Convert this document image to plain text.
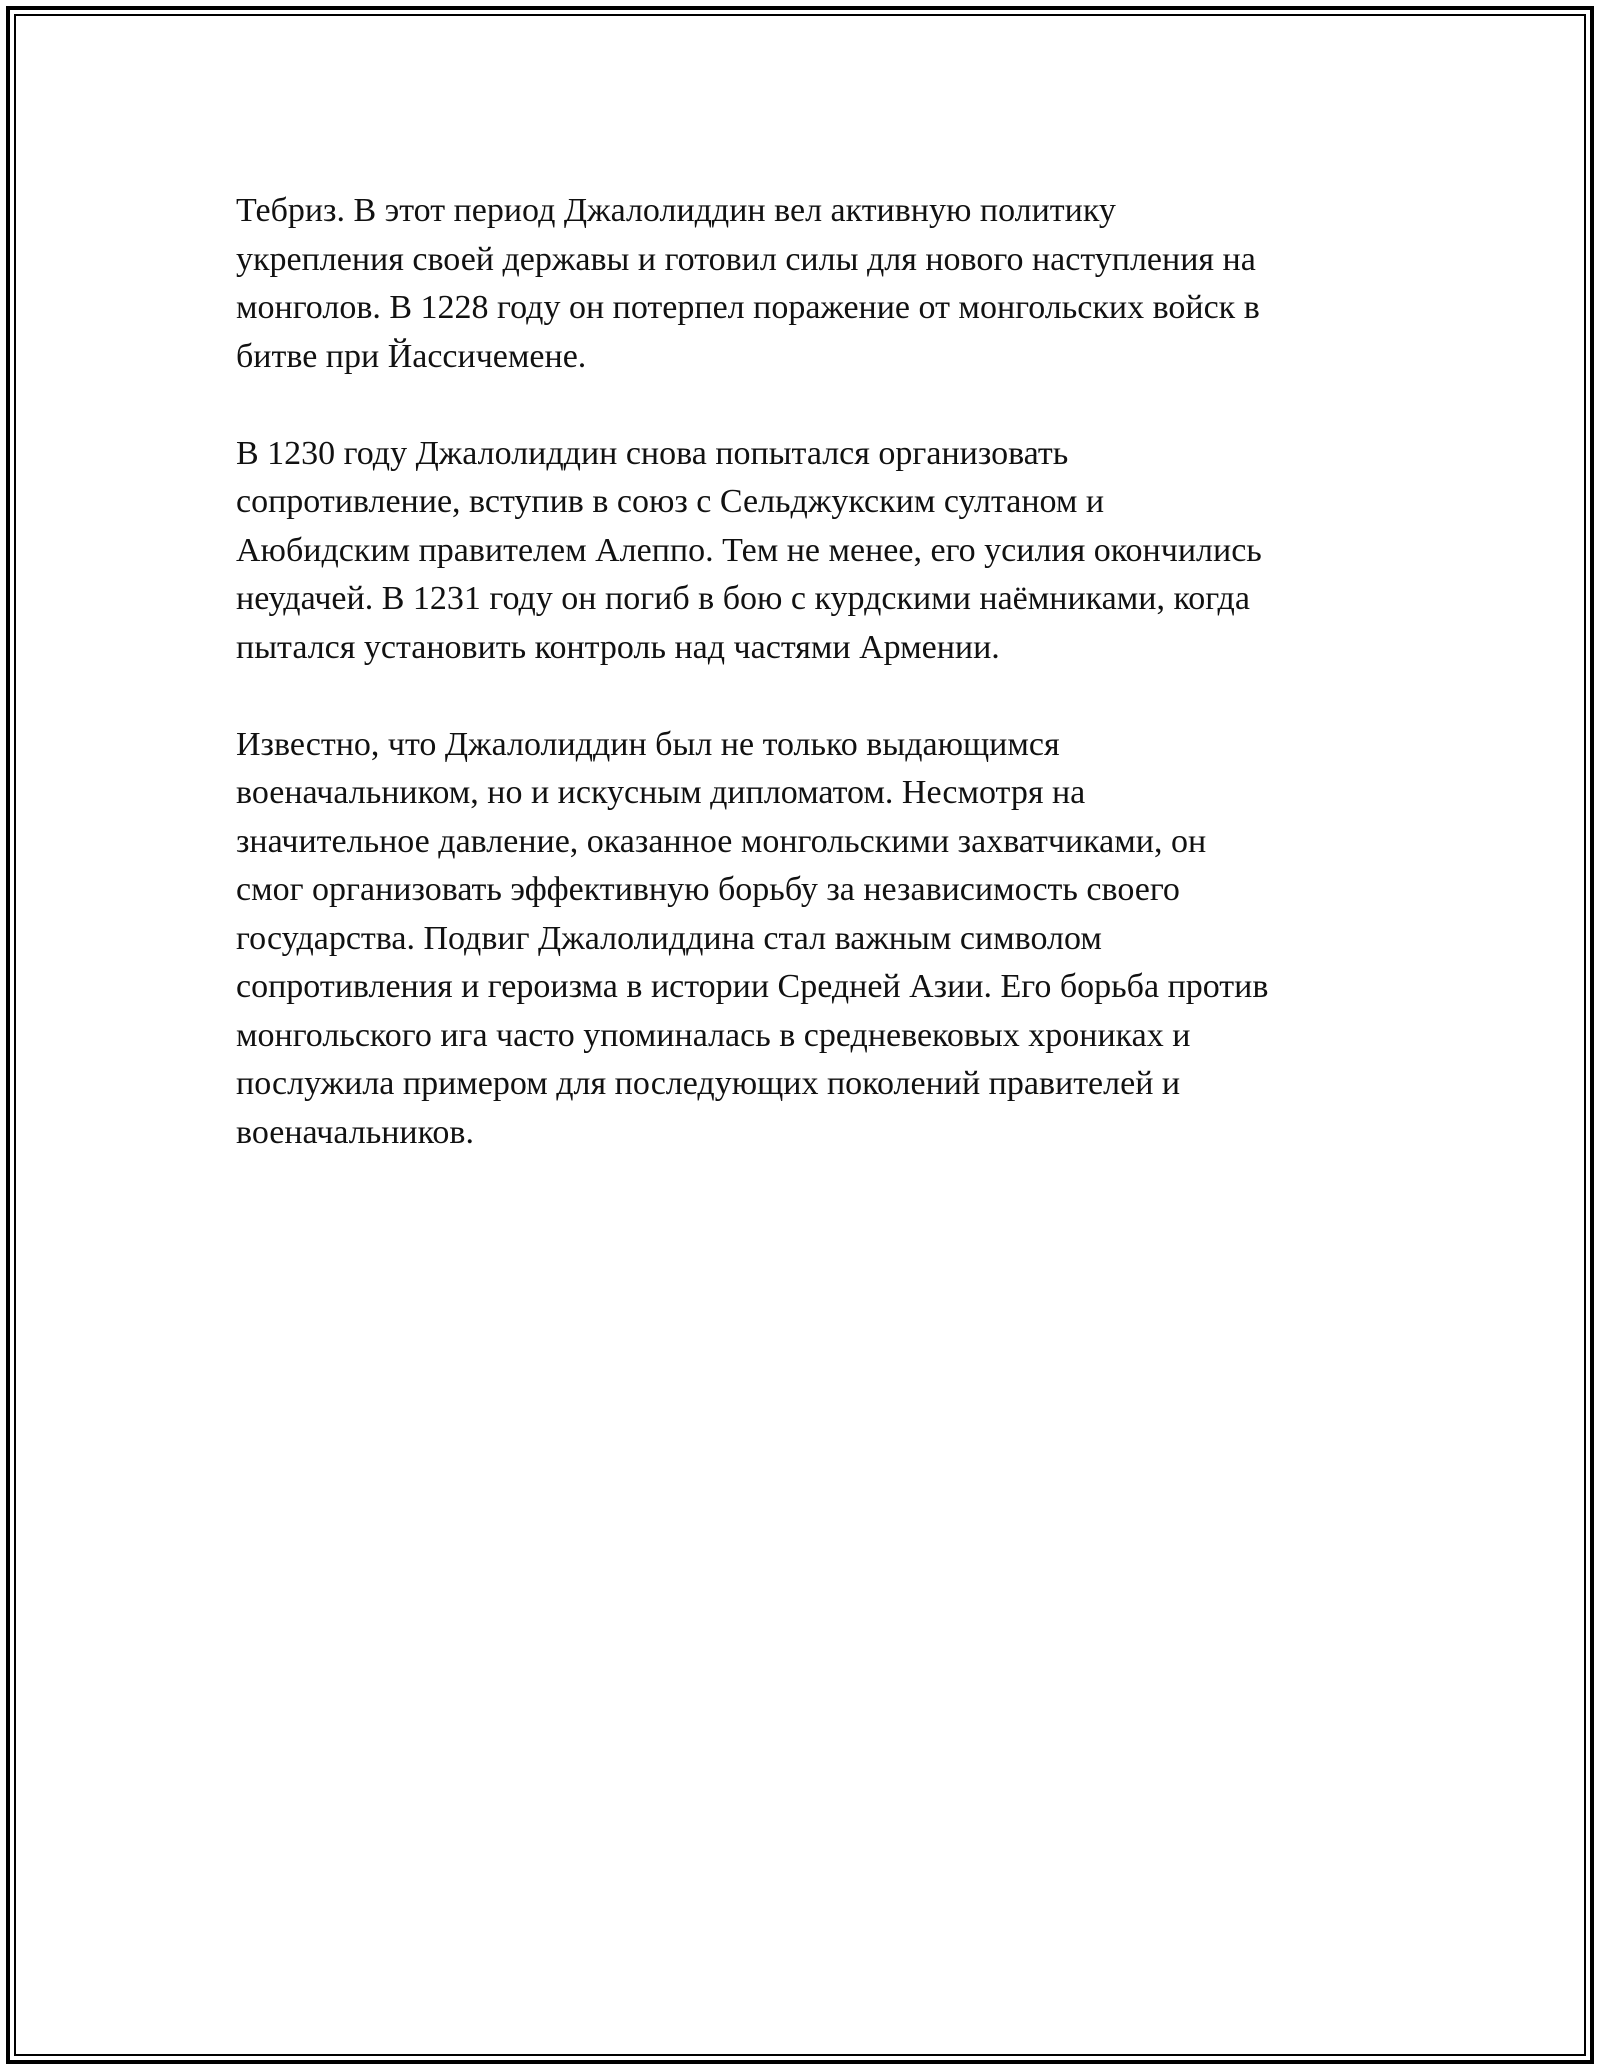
Тебриз. В этот период Джалолиддин вел активную политику
укрепления своей державы и готовил силы для нового наступления на
монголов. В 1228 году он потерпел поражение от монгольских войск в
битве при Йассичемене.

В 1230 году Джалолиддин снова попытался организовать
сопротивление, вступив в союз с Сельджукским султаном и
Аюбидским правителем Алеппо. Тем не менее, его усилия окончились
неудачей. В 1231 году он погиб в бою с курдскими наёмниками, когда
пытался установить контроль над частями Армении.

Известно, что Джалолиддин был не только выдающимся
военачальником, но и искусным дипломатом. Несмотря на
значительное давление, оказанное монгольскими захватчиками, он
смог организовать эффективную борьбу за независимость своего
государства. Подвиг Джалолиддина стал важным символом
сопротивления и героизма в истории Средней Азии. Его борьба против
монгольского ига часто упоминалась в средневековых хрониках и
послужила примером для последующих поколений правителей и
военачальников.
